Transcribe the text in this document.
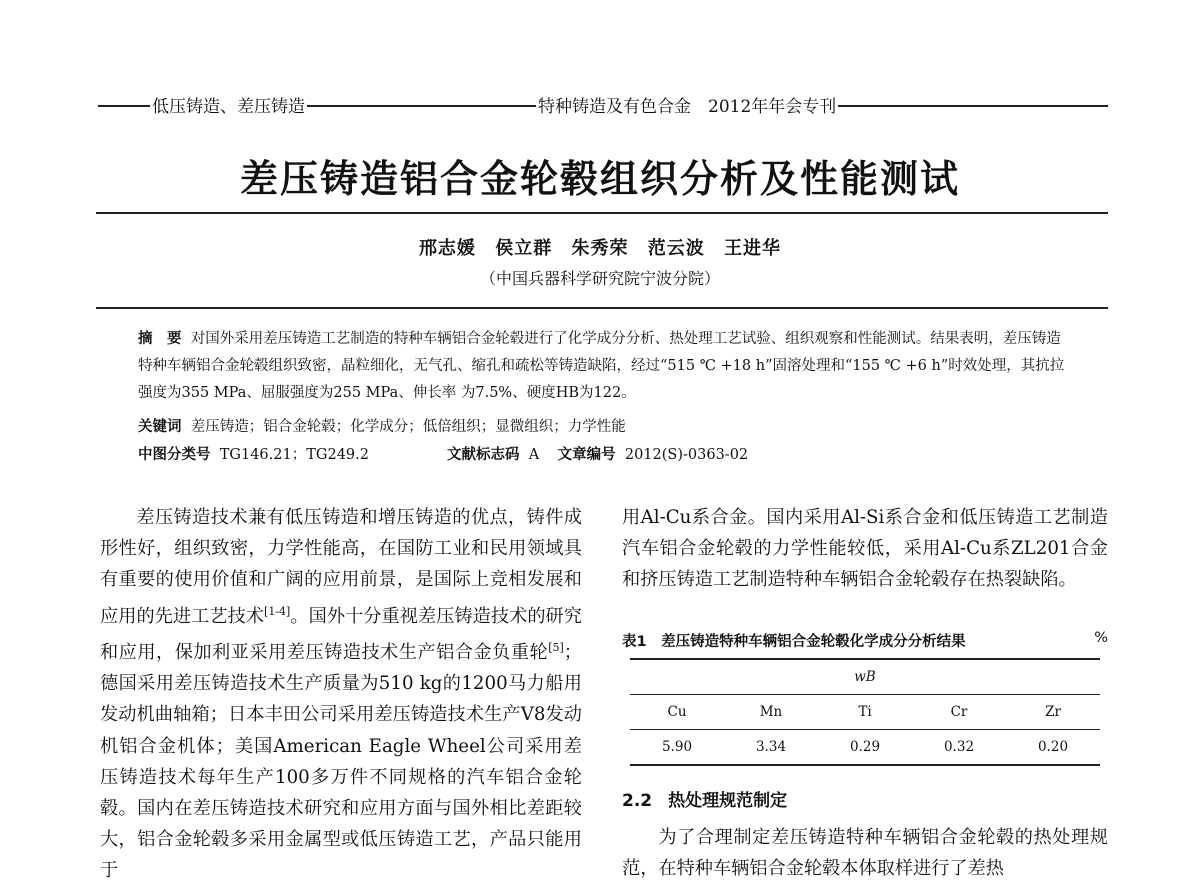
低压铸造、差压铸造	特种铸造及有色合金　2012年年会专刊
差压铸造铝合金轮毂组织分析及性能测试
邢志媛 侯立群 朱秀荣 范云波 王进华
（中国兵器科学研究院宁波分院）
摘　要 对国外采用差压铸造工艺制造的特种车辆铝合金轮毂进行了化学成分分析、热处理工艺试验、组织观察和性能测试。结果表明，差压铸造特种车辆铝合金轮毂组织致密，晶粒细化，无气孔、缩孔和疏松等铸造缺陷，经过“515 ℃ +18 h”固溶处理和“155 ℃ +6 h”时效处理，其抗拉强度为355 MPa、屈服强度为255 MPa、伸长率 为7.5%、硬度HB为122。
关键词 差压铸造；铝合金轮毂；化学成分；低倍组织；显微组织；力学性能
中图分类号 TG146.21；TG249.2	文献标志码 A 文章编号 2012(S)-0363-02

差压铸造技术兼有低压铸造和增压铸造的优点，铸件成形性好，组织致密，力学性能高，在国防工业和民用领域具有重要的使用价值和广阔的应用前景，是国际上竞相发展和应用的先进工艺技术[1-4]。国外十分重视差压铸造技术的研究和应用，保加利亚采用差压铸造技术生产铝合金负重轮[5]；德国采用差压铸造技术生产质量为510 kg的1200马力船用发动机曲轴箱；日本丰田公司采用差压铸造技术生产V8发动机铝合金机体；美国American Eagle Wheel公司采用差压铸造技术每年生产100多万件不同规格的汽车铝合金轮毂。国内在差压铸造技术研究和应用方面与国外相比差距较大，铝合金轮毂多采用金属型或低压铸造工艺，产品只能用于

用Al-Cu系合金。国内采用Al-Si系合金和低压铸造工艺制造汽车铝合金轮毂的力学性能较低，采用Al-Cu系ZL201合金和挤压铸造工艺制造特种车辆铝合金轮毂存在热裂缺陷。

表1　差压铸造特种车辆铝合金轮毂化学成分分析结果	%
wB				
Cu	Mn	Ti	Cr	Zr
5.90	3.34	0.29	0.32	0.20
2.2 热处理规范制定

为了合理制定差压铸造特种车辆铝合金轮毂的热处理规范，在特种车辆铝合金轮毂本体取样进行了差热
